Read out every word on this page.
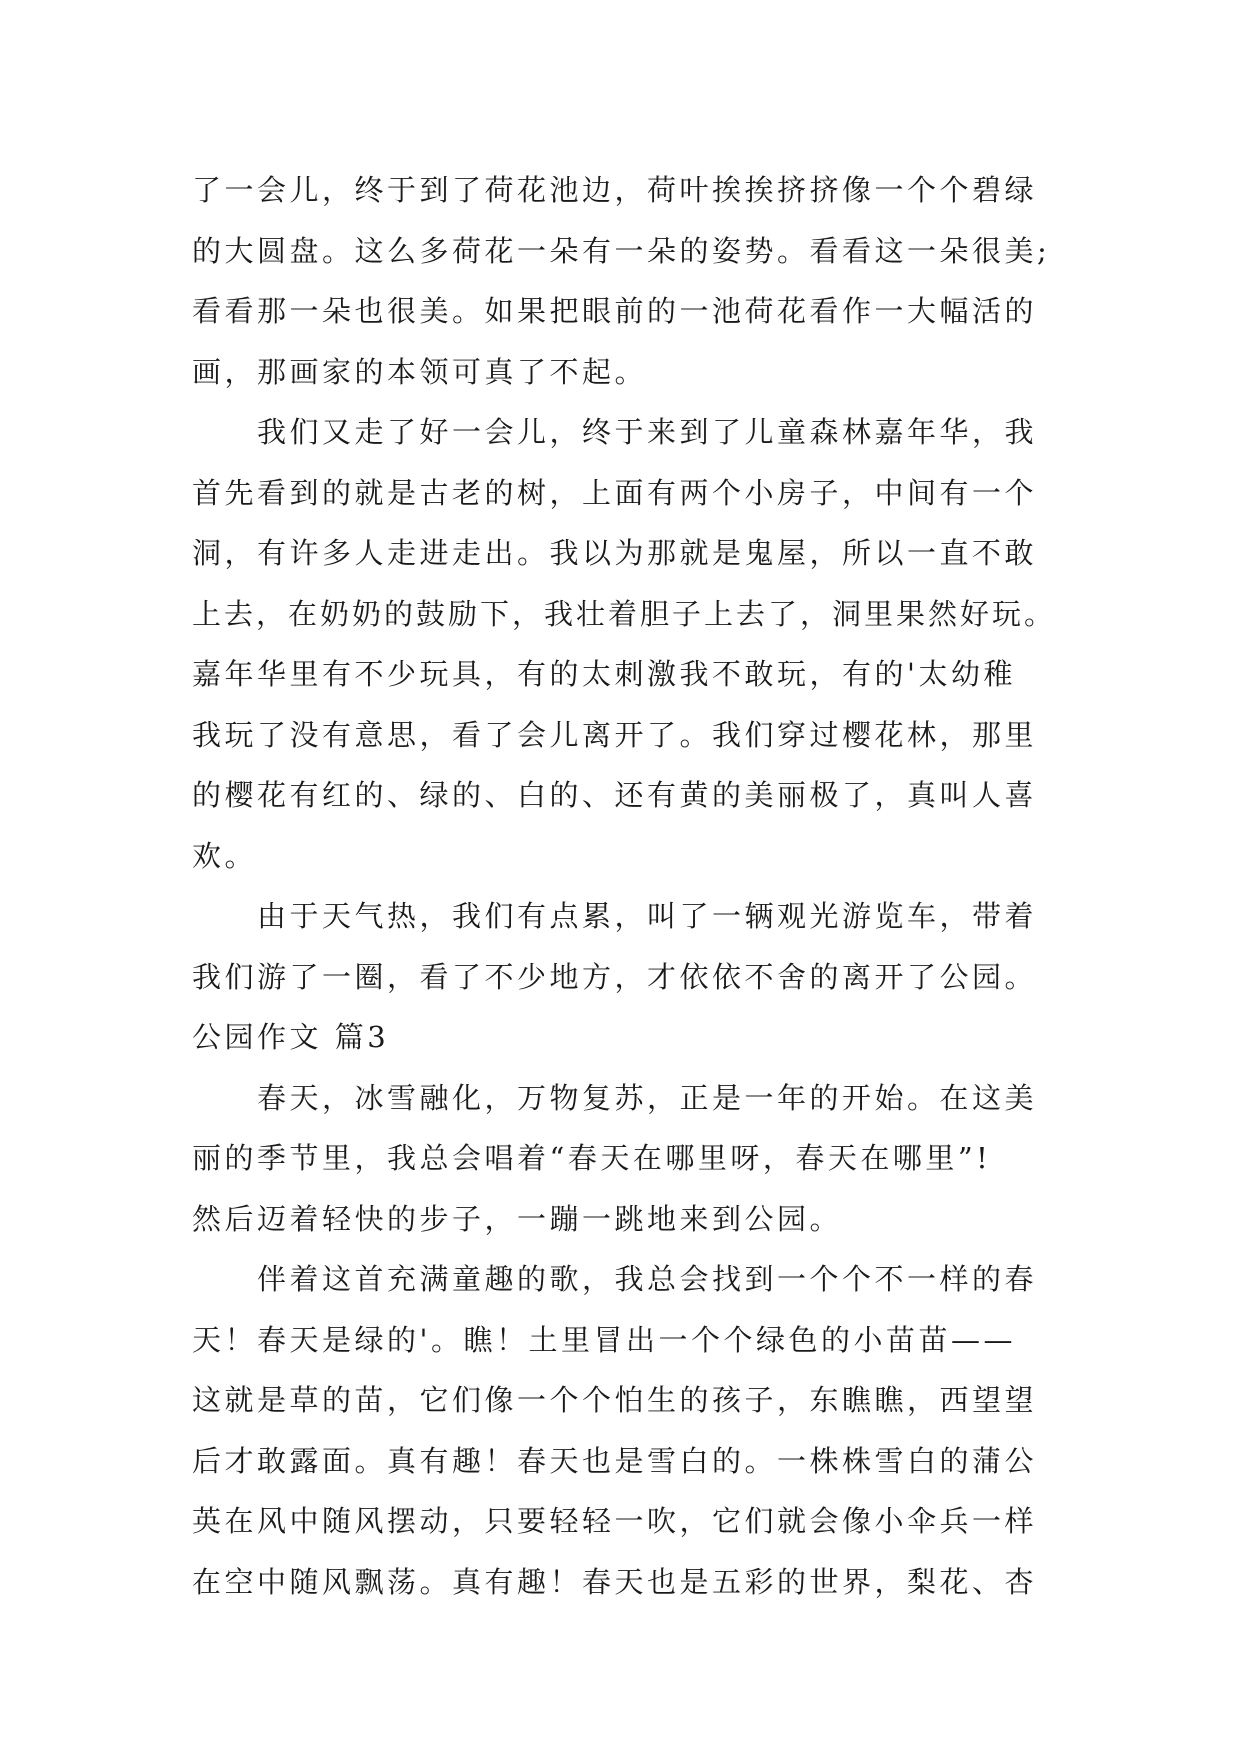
了一会儿，终于到了荷花池边，荷叶挨挨挤挤像一个个碧绿
的大圆盘。这么多荷花一朵有一朵的姿势。看看这一朵很美;
看看那一朵也很美。如果把眼前的一池荷花看作一大幅活的
画，那画家的本领可真了不起。
　　我们又走了好一会儿，终于来到了儿童森林嘉年华，我
首先看到的就是古老的树，上面有两个小房子，中间有一个
洞，有许多人走进走出。我以为那就是鬼屋，所以一直不敢
上去，在奶奶的鼓励下，我壮着胆子上去了，洞里果然好玩。
嘉年华里有不少玩具，有的太刺激我不敢玩，有的'太幼稚
我玩了没有意思，看了会儿离开了。我们穿过樱花林，那里
的樱花有红的、绿的、白的、还有黄的美丽极了，真叫人喜
欢。
　　由于天气热，我们有点累，叫了一辆观光游览车，带着
我们游了一圈，看了不少地方，才依依不舍的离开了公园。
公园作文 篇3
　　春天，冰雪融化，万物复苏，正是一年的开始。在这美
丽的季节里，我总会唱着“春天在哪里呀，春天在哪里”!
然后迈着轻快的步子，一蹦一跳地来到公园。
　　伴着这首充满童趣的歌，我总会找到一个个不一样的春
天！春天是绿的'。瞧！土里冒出一个个绿色的小苗苗——
这就是草的苗，它们像一个个怕生的孩子，东瞧瞧，西望望
后才敢露面。真有趣！春天也是雪白的。一株株雪白的蒲公
英在风中随风摆动，只要轻轻一吹，它们就会像小伞兵一样
在空中随风飘荡。真有趣！春天也是五彩的世界，梨花、杏
